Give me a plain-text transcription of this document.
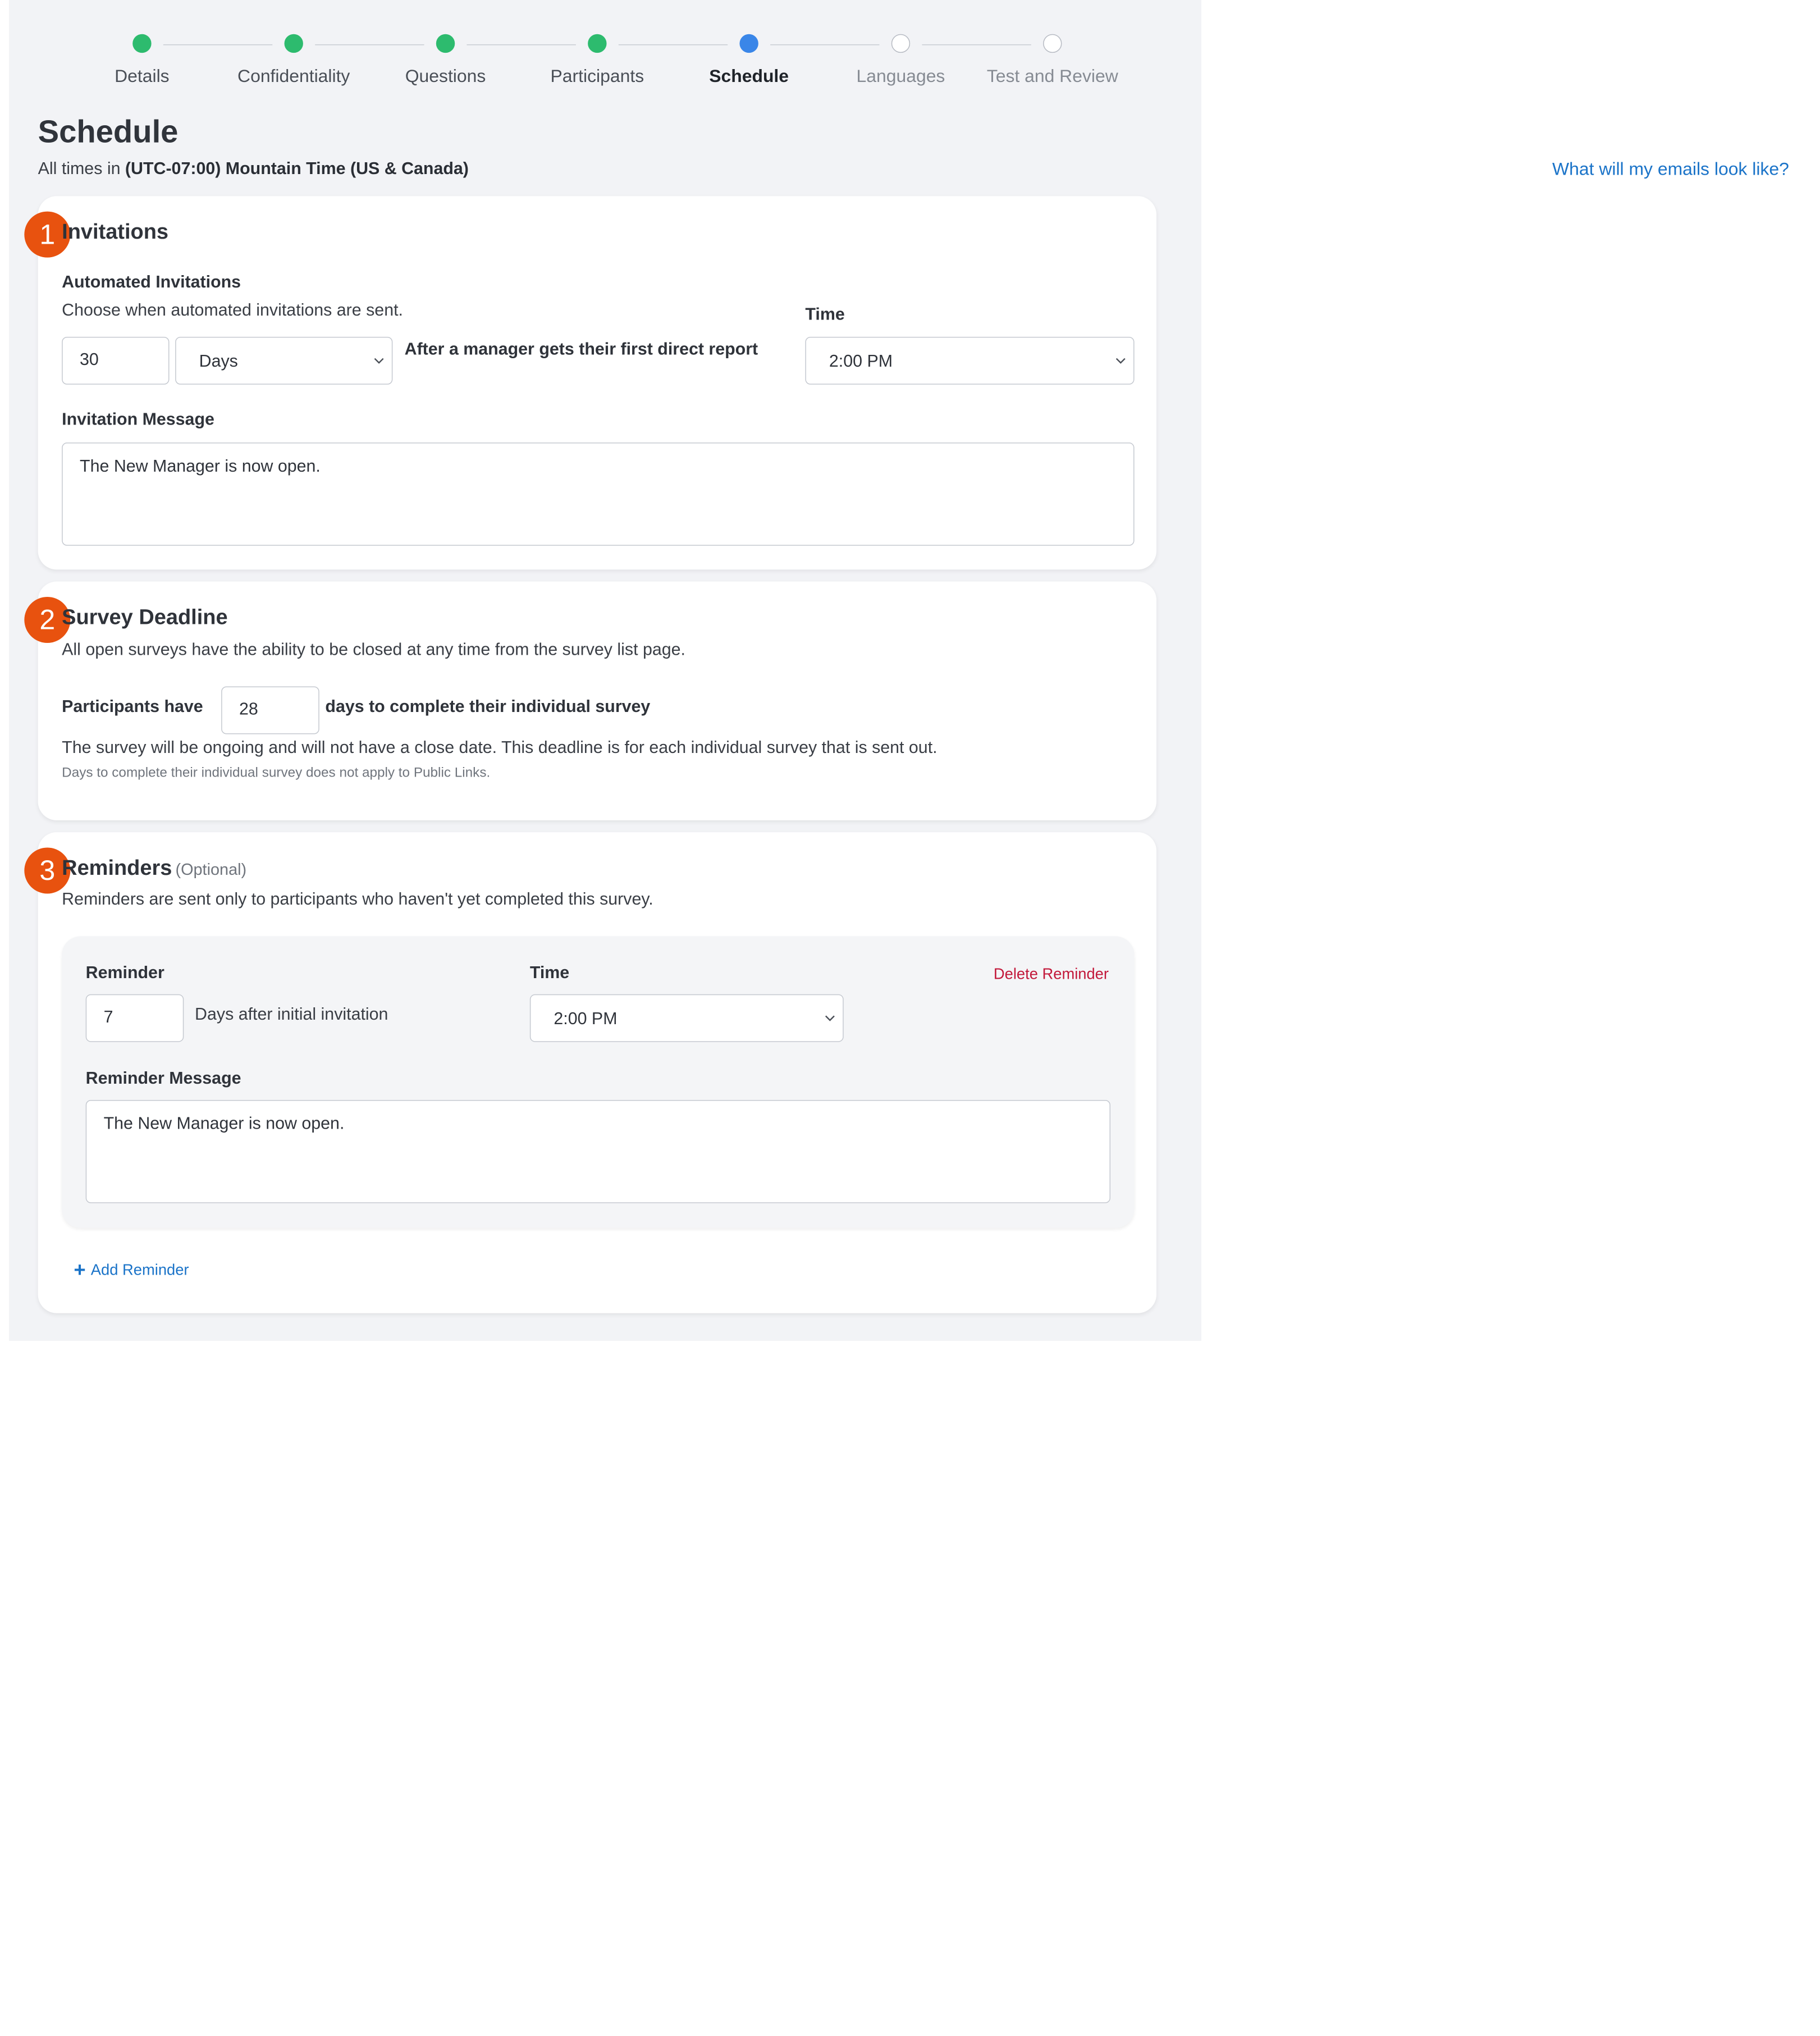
Details	Confidentiality	Questions	Participants	Schedule	Languages	Test and Review
Schedule
All times in (UTC-07:00) Mountain Time (US & Canada)	What will my emails look like?
1 Invitations
Automated Invitations
Choose when automated invitations are sent.
30	Days
After a manager gets their first direct report
Time
2:00 PM
Invitation Message
The New Manager is now open.
2 Survey Deadline
All open surveys have the ability to be closed at any time from the survey list page.
Participants have	28	days to complete their individual survey
The survey will be ongoing and will not have a close date. This deadline is for each individual survey that is sent out.
Days to complete their individual survey does not apply to Public Links.
3 Reminders (Optional)
Reminders are sent only to participants who haven't yet completed this survey.
Reminder
7	Days after initial invitation
Time
2:00 PM
Delete Reminder
Reminder Message
The New Manager is now open.
+ Add Reminder
